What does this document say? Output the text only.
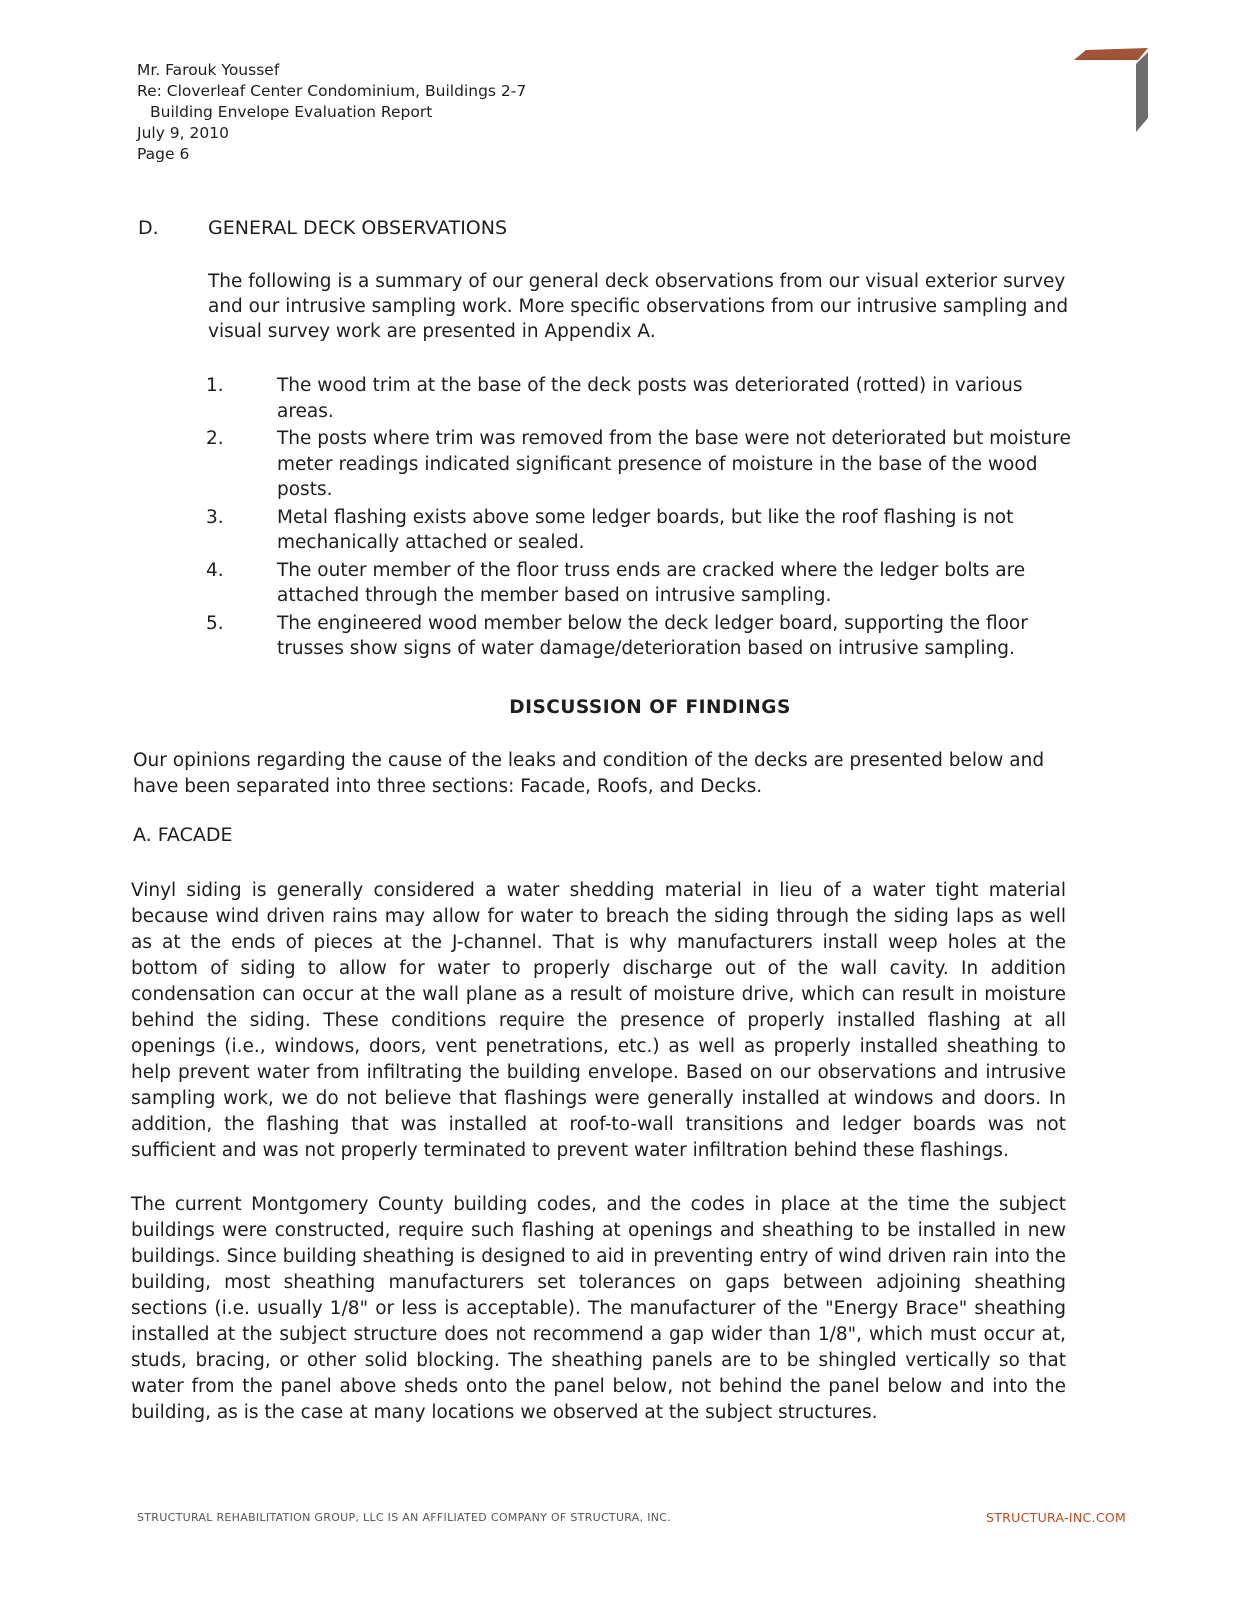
Mr. Farouk Youssef
Re: Cloverleaf Center Condominium, Buildings 2-7
Building Envelope Evaluation Report
July 9, 2010
Page 6
D.	GENERAL DECK OBSERVATIONS
The following is a summary of our general deck observations from our visual exterior survey and our intrusive sampling work. More specific observations from our intrusive sampling and visual survey work are presented in Appendix A.
1.	The wood trim at the base of the deck posts was deteriorated (rotted) in various areas.
2.	The posts where trim was removed from the base were not deteriorated but moisture meter readings indicated significant presence of moisture in the base of the wood posts.
3.	Metal flashing exists above some ledger boards, but like the roof flashing is not mechanically attached or sealed.
4.	The outer member of the floor truss ends are cracked where the ledger bolts are attached through the member based on intrusive sampling.
5.	The engineered wood member below the deck ledger board, supporting the floor trusses show signs of water damage/deterioration based on intrusive sampling.
DISCUSSION OF FINDINGS
Our opinions regarding the cause of the leaks and condition of the decks are presented below and have been separated into three sections: Facade, Roofs, and Decks.
A. FACADE
Vinyl siding is generally considered a water shedding material in lieu of a water tight material because wind driven rains may allow for water to breach the siding through the siding laps as well as at the ends of pieces at the J-channel. That is why manufacturers install weep holes at the bottom of siding to allow for water to properly discharge out of the wall cavity. In addition condensation can occur at the wall plane as a result of moisture drive, which can result in moisture behind the siding. These conditions require the presence of properly installed flashing at all openings (i.e., windows, doors, vent penetrations, etc.) as well as properly installed sheathing to help prevent water from infiltrating the building envelope. Based on our observations and intrusive sampling work, we do not believe that flashings were generally installed at windows and doors. In addition, the flashing that was installed at roof-to-wall transitions and ledger boards was not sufficient and was not properly terminated to prevent water infiltration behind these flashings.
The current Montgomery County building codes, and the codes in place at the time the subject buildings were constructed, require such flashing at openings and sheathing to be installed in new buildings. Since building sheathing is designed to aid in preventing entry of wind driven rain into the building, most sheathing manufacturers set tolerances on gaps between adjoining sheathing sections (i.e. usually 1/8" or less is acceptable). The manufacturer of the "Energy Brace" sheathing installed at the subject structure does not recommend a gap wider than 1/8", which must occur at, studs, bracing, or other solid blocking. The sheathing panels are to be shingled vertically so that water from the panel above sheds onto the panel below, not behind the panel below and into the building, as is the case at many locations we observed at the subject structures.
STRUCTURAL REHABILITATION GROUP, LLC IS AN AFFILIATED COMPANY OF STRUCTURA, INC.	STRUCTURA-INC.COM
